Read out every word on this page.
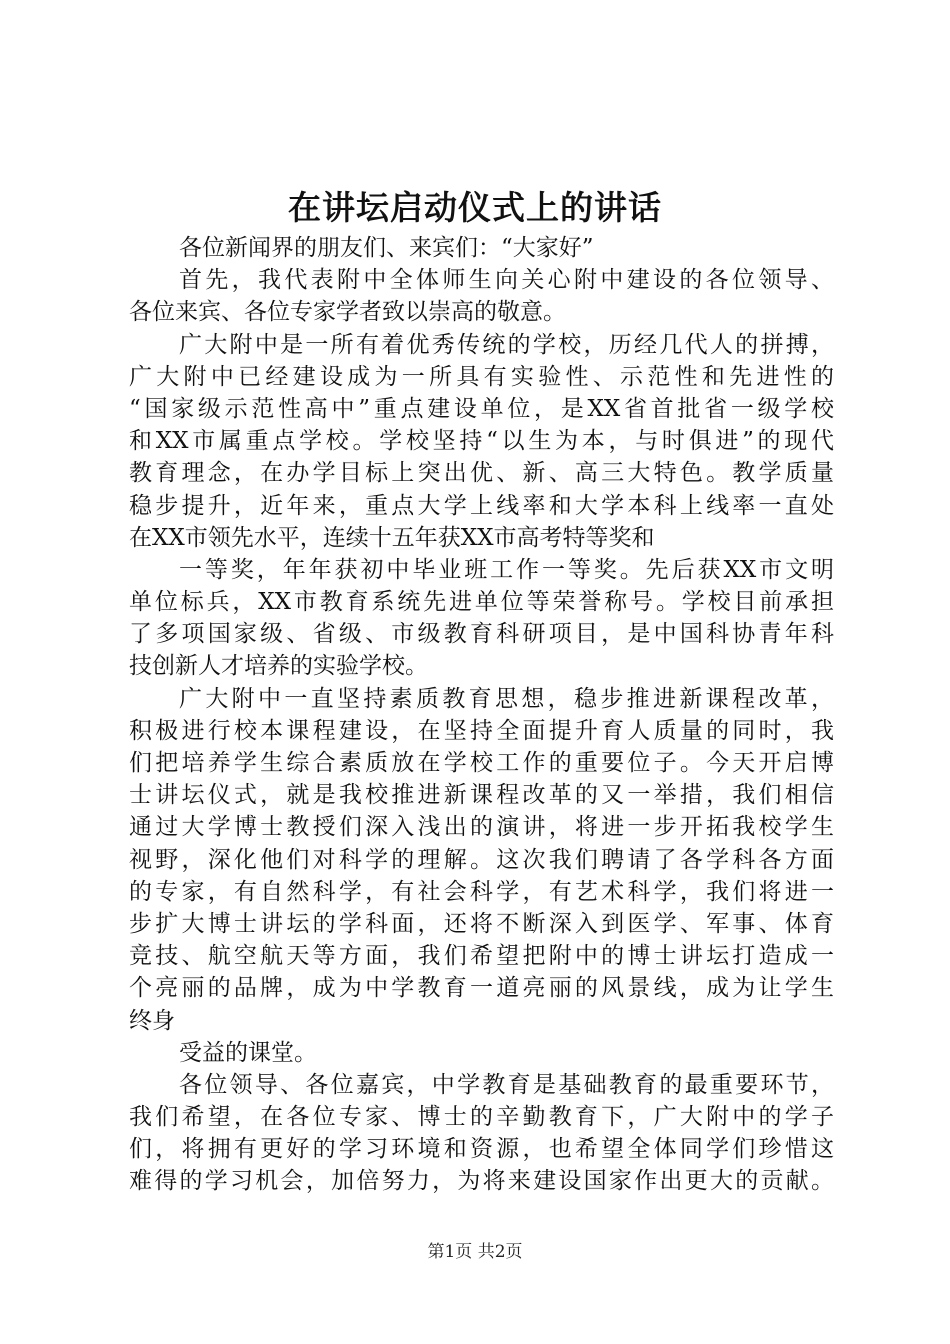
在讲坛启动仪式上的讲话
各位新闻界的朋友们、来宾们：“大家好”
首先，我代表附中全体师生向关心附中建设的各位领导、
各位来宾、各位专家学者致以崇高的敬意。
广大附中是一所有着优秀传统的学校，历经几代人的拼搏，
广大附中已经建设成为一所具有实验性、示范性和先进性的
“国家级示范性高中”重点建设单位，是XX省首批省一级学校
和XX市属重点学校。学校坚持“以生为本，与时俱进”的现代
教育理念，在办学目标上突出优、新、高三大特色。教学质量
稳步提升，近年来，重点大学上线率和大学本科上线率一直处
在XX市领先水平，连续十五年获XX市高考特等奖和
一等奖，年年获初中毕业班工作一等奖。先后获XX市文明
单位标兵，XX市教育系统先进单位等荣誉称号。学校目前承担
了多项国家级、省级、市级教育科研项目，是中国科协青年科
技创新人才培养的实验学校。
广大附中一直坚持素质教育思想，稳步推进新课程改革，
积极进行校本课程建设，在坚持全面提升育人质量的同时，我
们把培养学生综合素质放在学校工作的重要位子。今天开启博
士讲坛仪式，就是我校推进新课程改革的又一举措，我们相信
通过大学博士教授们深入浅出的演讲，将进一步开拓我校学生
视野，深化他们对科学的理解。这次我们聘请了各学科各方面
的专家，有自然科学，有社会科学，有艺术科学，我们将进一
步扩大博士讲坛的学科面，还将不断深入到医学、军事、体育
竞技、航空航天等方面，我们希望把附中的博士讲坛打造成一
个亮丽的品牌，成为中学教育一道亮丽的风景线，成为让学生
终身
受益的课堂。
各位领导、各位嘉宾，中学教育是基础教育的最重要环节，
我们希望，在各位专家、博士的辛勤教育下，广大附中的学子
们，将拥有更好的学习环境和资源，也希望全体同学们珍惜这
难得的学习机会，加倍努力，为将来建设国家作出更大的贡献。
第1页 共2页
